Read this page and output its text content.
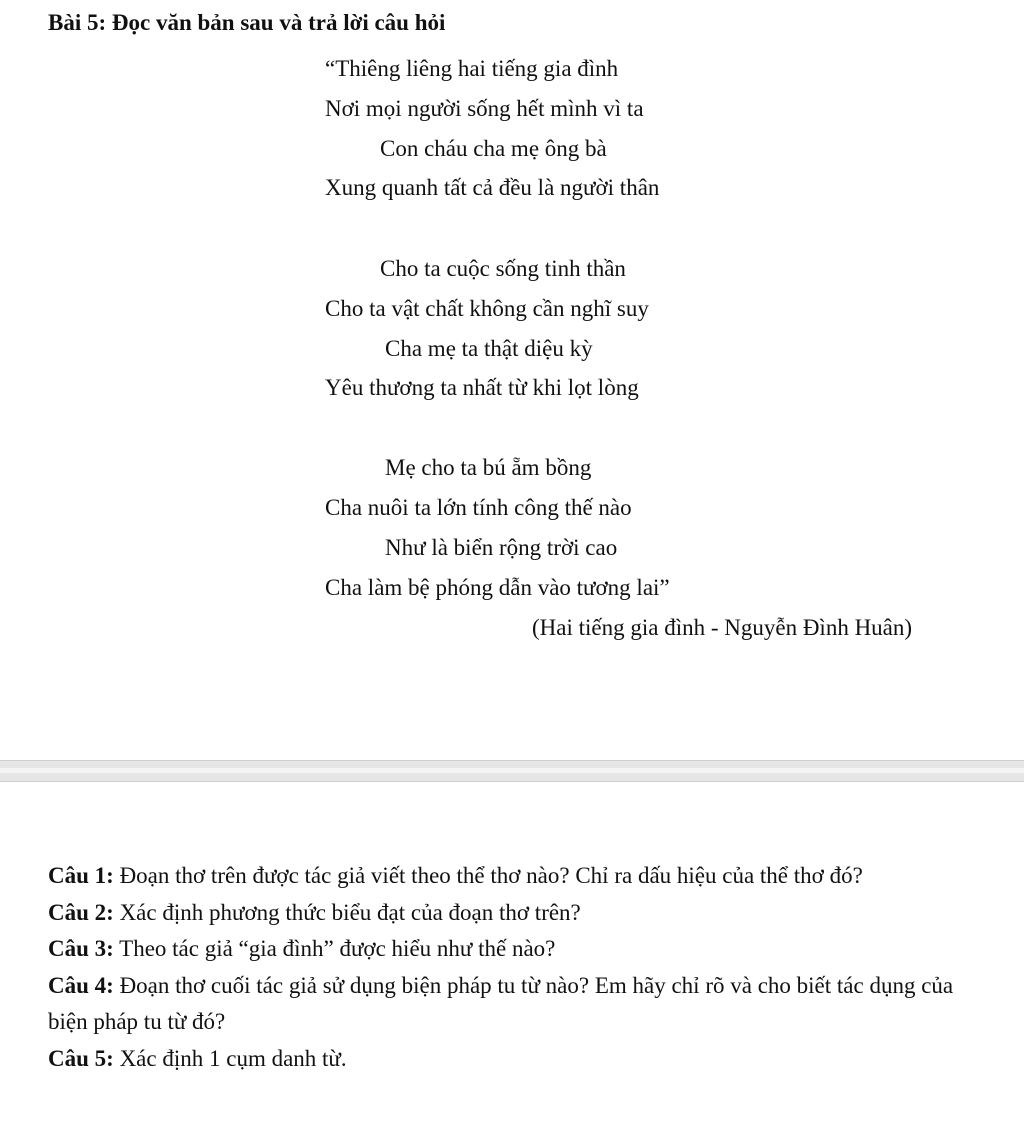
Bài 5: Đọc văn bản sau và trả lời câu hỏi
“Thiêng liêng hai tiếng gia đình
Nơi mọi người sống hết mình vì ta
Con cháu cha mẹ ông bà
Xung quanh tất cả đều là người thân
Cho ta cuộc sống tinh thần
Cho ta vật chất không cần nghĩ suy
Cha mẹ ta thật diệu kỳ
Yêu thương ta nhất từ khi lọt lòng
Mẹ cho ta bú ẵm bồng
Cha nuôi ta lớn tính công thế nào
Như là biển rộng trời cao
Cha làm bệ phóng dẫn vào tương lai”
(Hai tiếng gia đình - Nguyễn Đình Huân)

Câu 1: Đoạn thơ trên được tác giả viết theo thể thơ nào? Chỉ ra dấu hiệu của thể thơ đó?

Câu 2: Xác định phương thức biểu đạt của đoạn thơ trên?

Câu 3: Theo tác giả “gia đình” được hiểu như thế nào?

Câu 4: Đoạn thơ cuối tác giả sử dụng biện pháp tu từ nào? Em hãy chỉ rõ và cho biết tác dụng của biện pháp tu từ đó?

Câu 5: Xác định 1 cụm danh từ.
